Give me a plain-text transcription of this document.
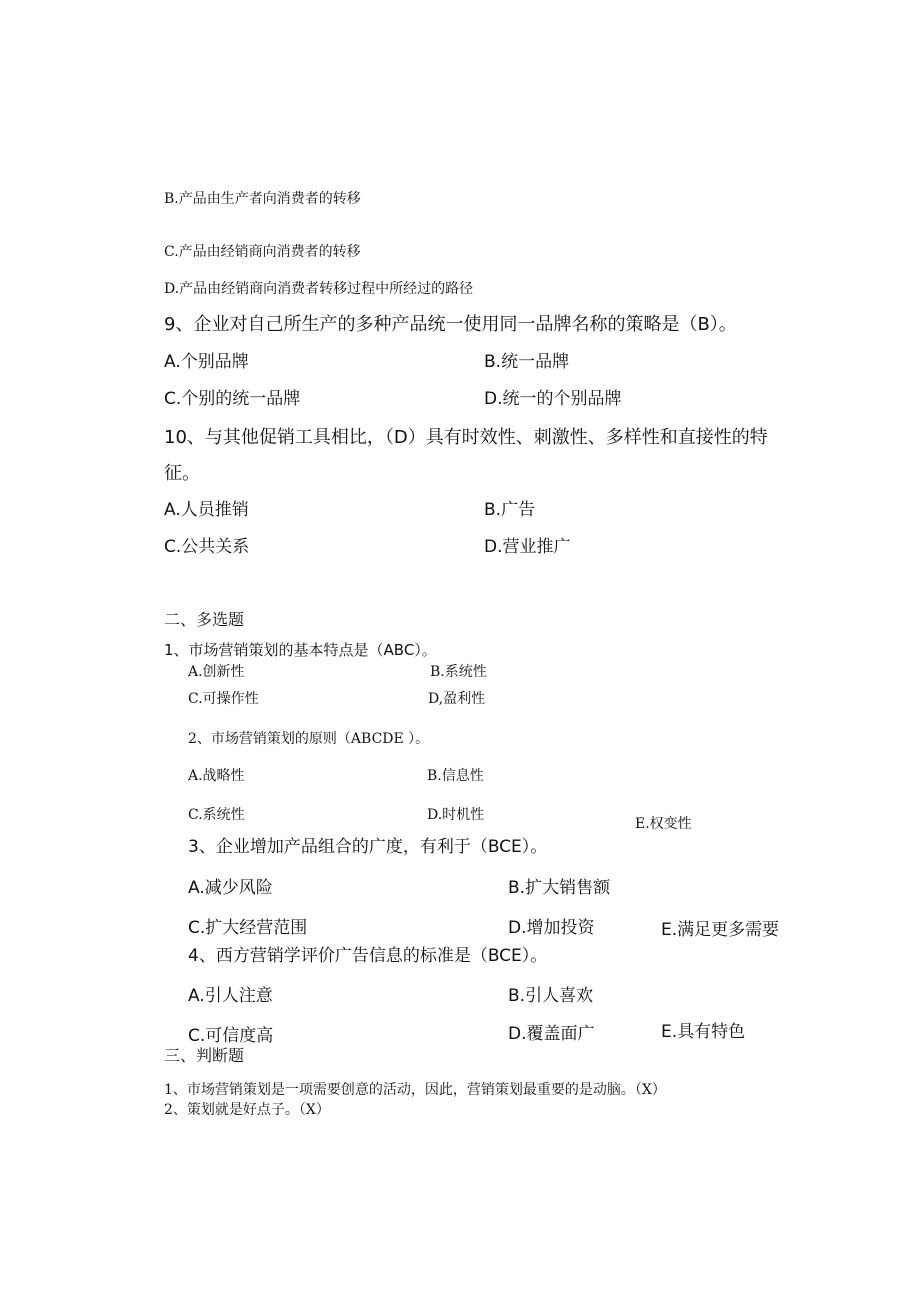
B.产品由生产者向消费者的转移
C.产品由经销商向消费者的转移
D.产品由经销商向消费者转移过程中所经过的路径
9、企业对自己所生产的多种产品统一使用同一品牌名称的策略是（B）。
A.个别品牌	B.统一品牌
C.个别的统一品牌	D.统一的个别品牌
10、与其他促销工具相比，（D）具有时效性、刺激性、多样性和直接性的特
征。
A.人员推销	B.广告
C.公共关系	D.营业推广
二、多选题
1、市场营销策划的基本特点是（ABC）。
A.创新性	B.系统性
C.可操作性	D,盈利性
2、市场营销策划的原则（ABCDE ）。
A.战略性	B.信息性
C.系统性	D.时机性
E.权变性
3、企业增加产品组合的广度，有利于（BCE）。
A.减少风险	B.扩大销售额
C.扩大经营范围	D.增加投资	E.满足更多需要
4、西方营销学评价广告信息的标准是（BCE）。
A.引人注意	B.引人喜欢
C.可信度高	D.覆盖面广	E.具有特色
三、判断题
1、市场营销策划是一项需要创意的活动，因此，营销策划最重要的是动脑。（X）
2、策划就是好点子。（X）
